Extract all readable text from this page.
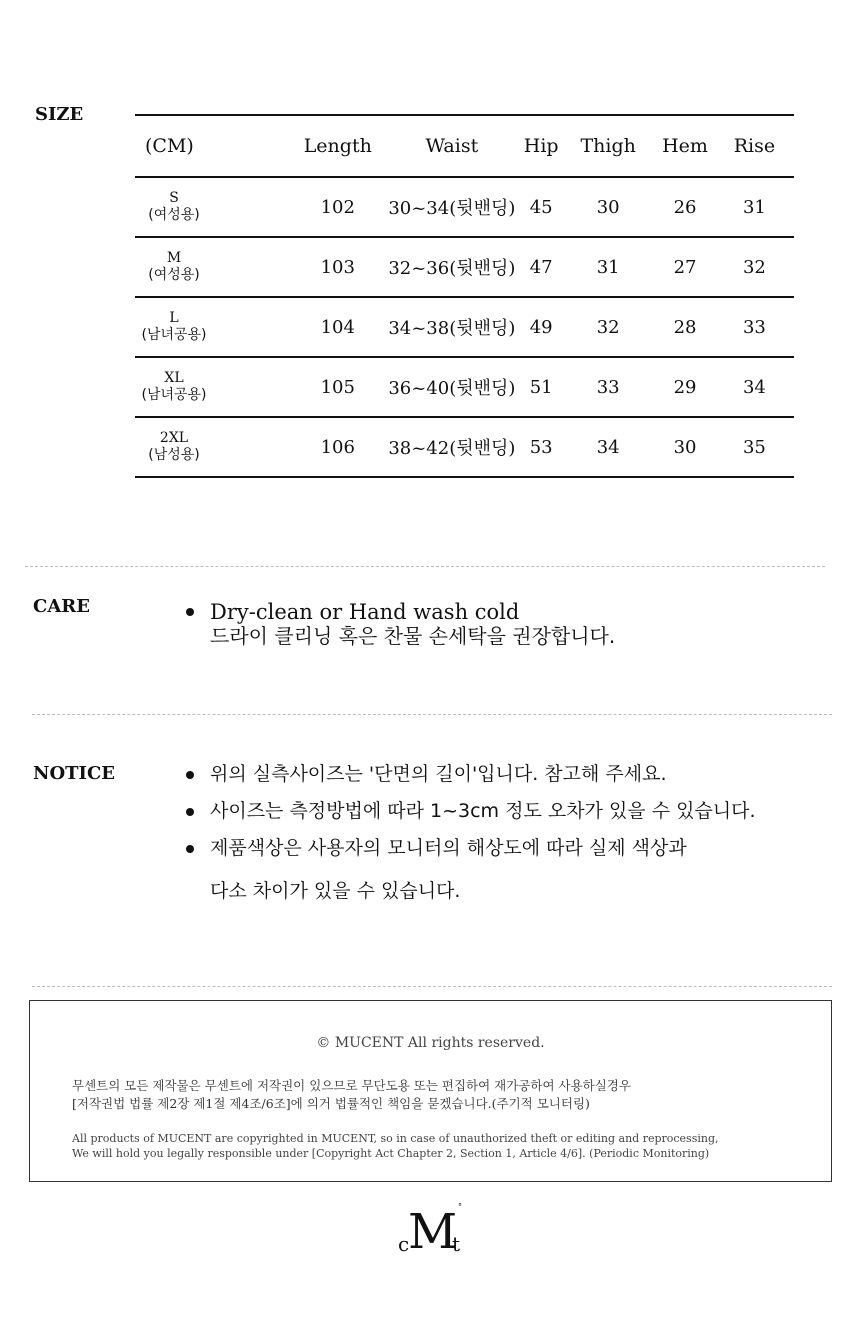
SIZE
(CM)	Length	Waist	Hip	Thigh	Hem	Rise

S
(여성용)	102	30~34(뒷밴딩)	45	30	26	31

M
(여성용)	103	32~36(뒷밴딩)	47	31	27	32

L
(남녀공용)	104	34~38(뒷밴딩)	49	32	28	33

XL
(남녀공용)	105	36~40(뒷밴딩)	51	33	29	34

2XL
(남성용)	106	38~42(뒷밴딩)	53	34	30	35
CARE	Dry-clean or Hand wash cold
드라이 클리닝 혹은 찬물 손세탁을 권장합니다.
NOTICE	위의 실측사이즈는 '단면의 길이'입니다. 참고해 주세요.
사이즈는 측정방법에 따라 1~3cm 정도 오차가 있을 수 있습니다.
제품색상은 사용자의 모니터의 해상도에 따라 실제 색상과
다소 차이가 있을 수 있습니다.
© MUCENT All rights reserved.
무센트의 모든 제작물은 무센트에 저작권이 있으므로 무단도용 또는 편집하여 재가공하여 사용하실경우
[저작권법 법률 제2장 제1절 제4조/6조]에 의거 법률적인 책임을 묻겠습니다.(주기적 모니터링)
All products of MUCENT are copyrighted in MUCENT, so in case of unauthorized theft or editing and reprocessing,
We will hold you legally responsible under [Copyright Act Chapter 2, Section 1, Article 4/6]. (Periodic Monitoring)
c
M t
°
